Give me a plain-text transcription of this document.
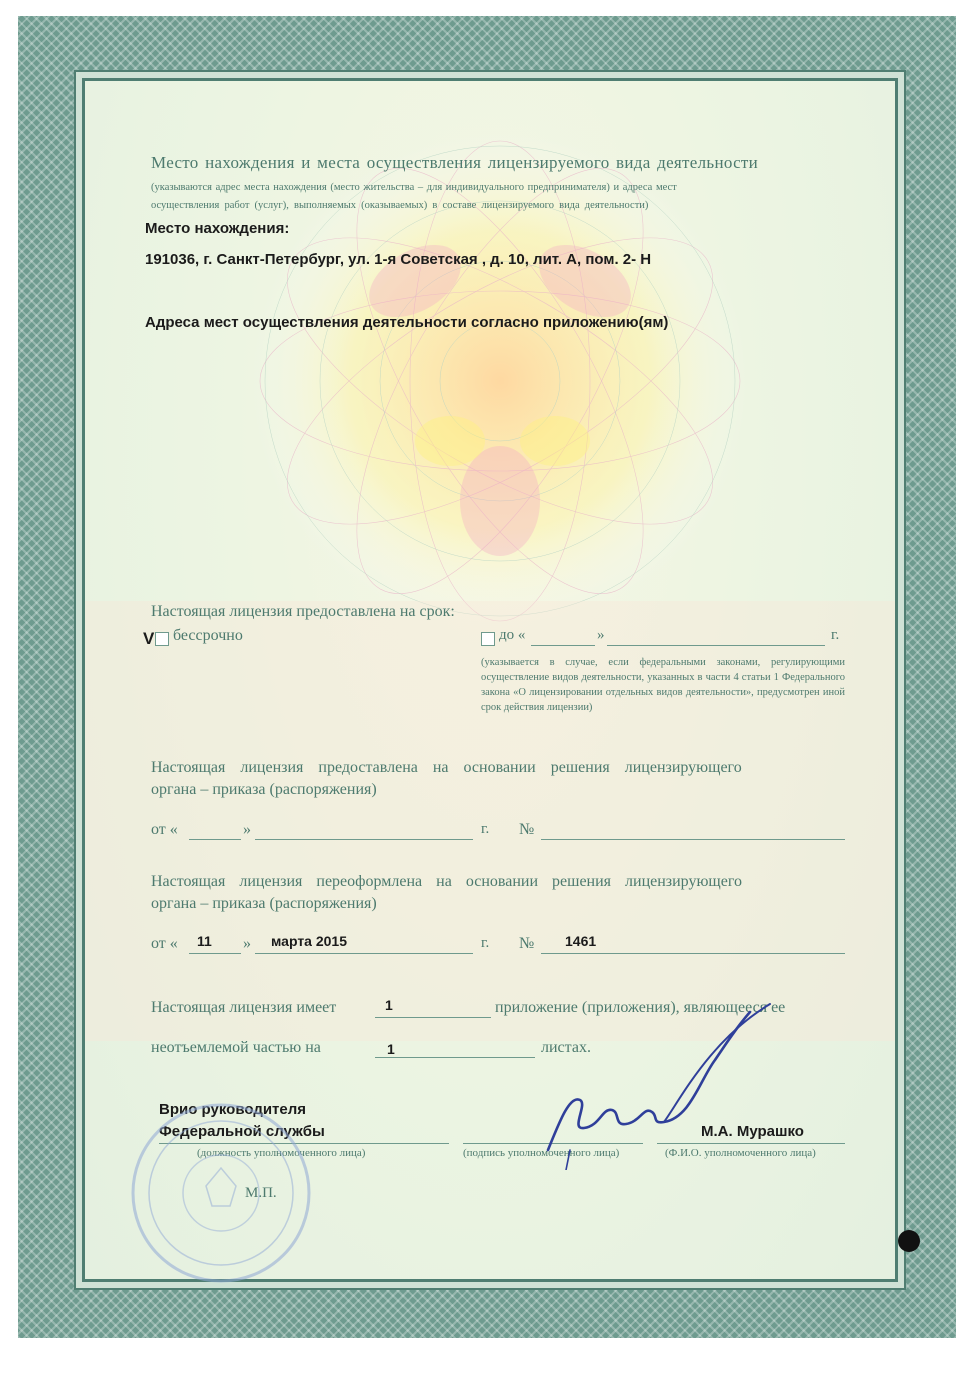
Место нахождения и места осуществления лицензируемого вида деятельности
(указываются адрес места нахождения (место жительства – для индивидуального предпринимателя) и адреса мест
осуществления работ (услуг), выполняемых (оказываемых) в составе лицензируемого вида деятельности)
Место нахождения:
191036, г. Санкт-Петербург, ул. 1-я Советская , д. 10, лит. А, пом. 2- Н
Адреса мест осуществления деятельности согласно приложению(ям)
Настоящая лицензия предоставлена на срок:
V бессрочно	до «	»	г.
(указывается в случае, если федеральными законами, регулирующими осуществление видов деятельности, указанных в части 4 статьи 1 Федерального закона «О лицензировании отдельных видов деятельности», предусмотрен иной срок действия лицензии)
Настоящая лицензия предоставлена на основании решения лицензирующего
органа – приказа (распоряжения)
от «	»	г. №
Настоящая лицензия переоформлена на основании решения лицензирующего
органа – приказа (распоряжения)
от « 11 » марта 2015	г. № 1461
Настоящая лицензия имеет	1	приложение (приложения), являющееся ее
неотъемлемой частью на	1	листах.
Врио руководителя
Федеральной службы	М.А. Мурашко
(должность уполномоченного лица)	(подпись уполномоченного лица)	(Ф.И.О. уполномоченного лица)
М.П.
